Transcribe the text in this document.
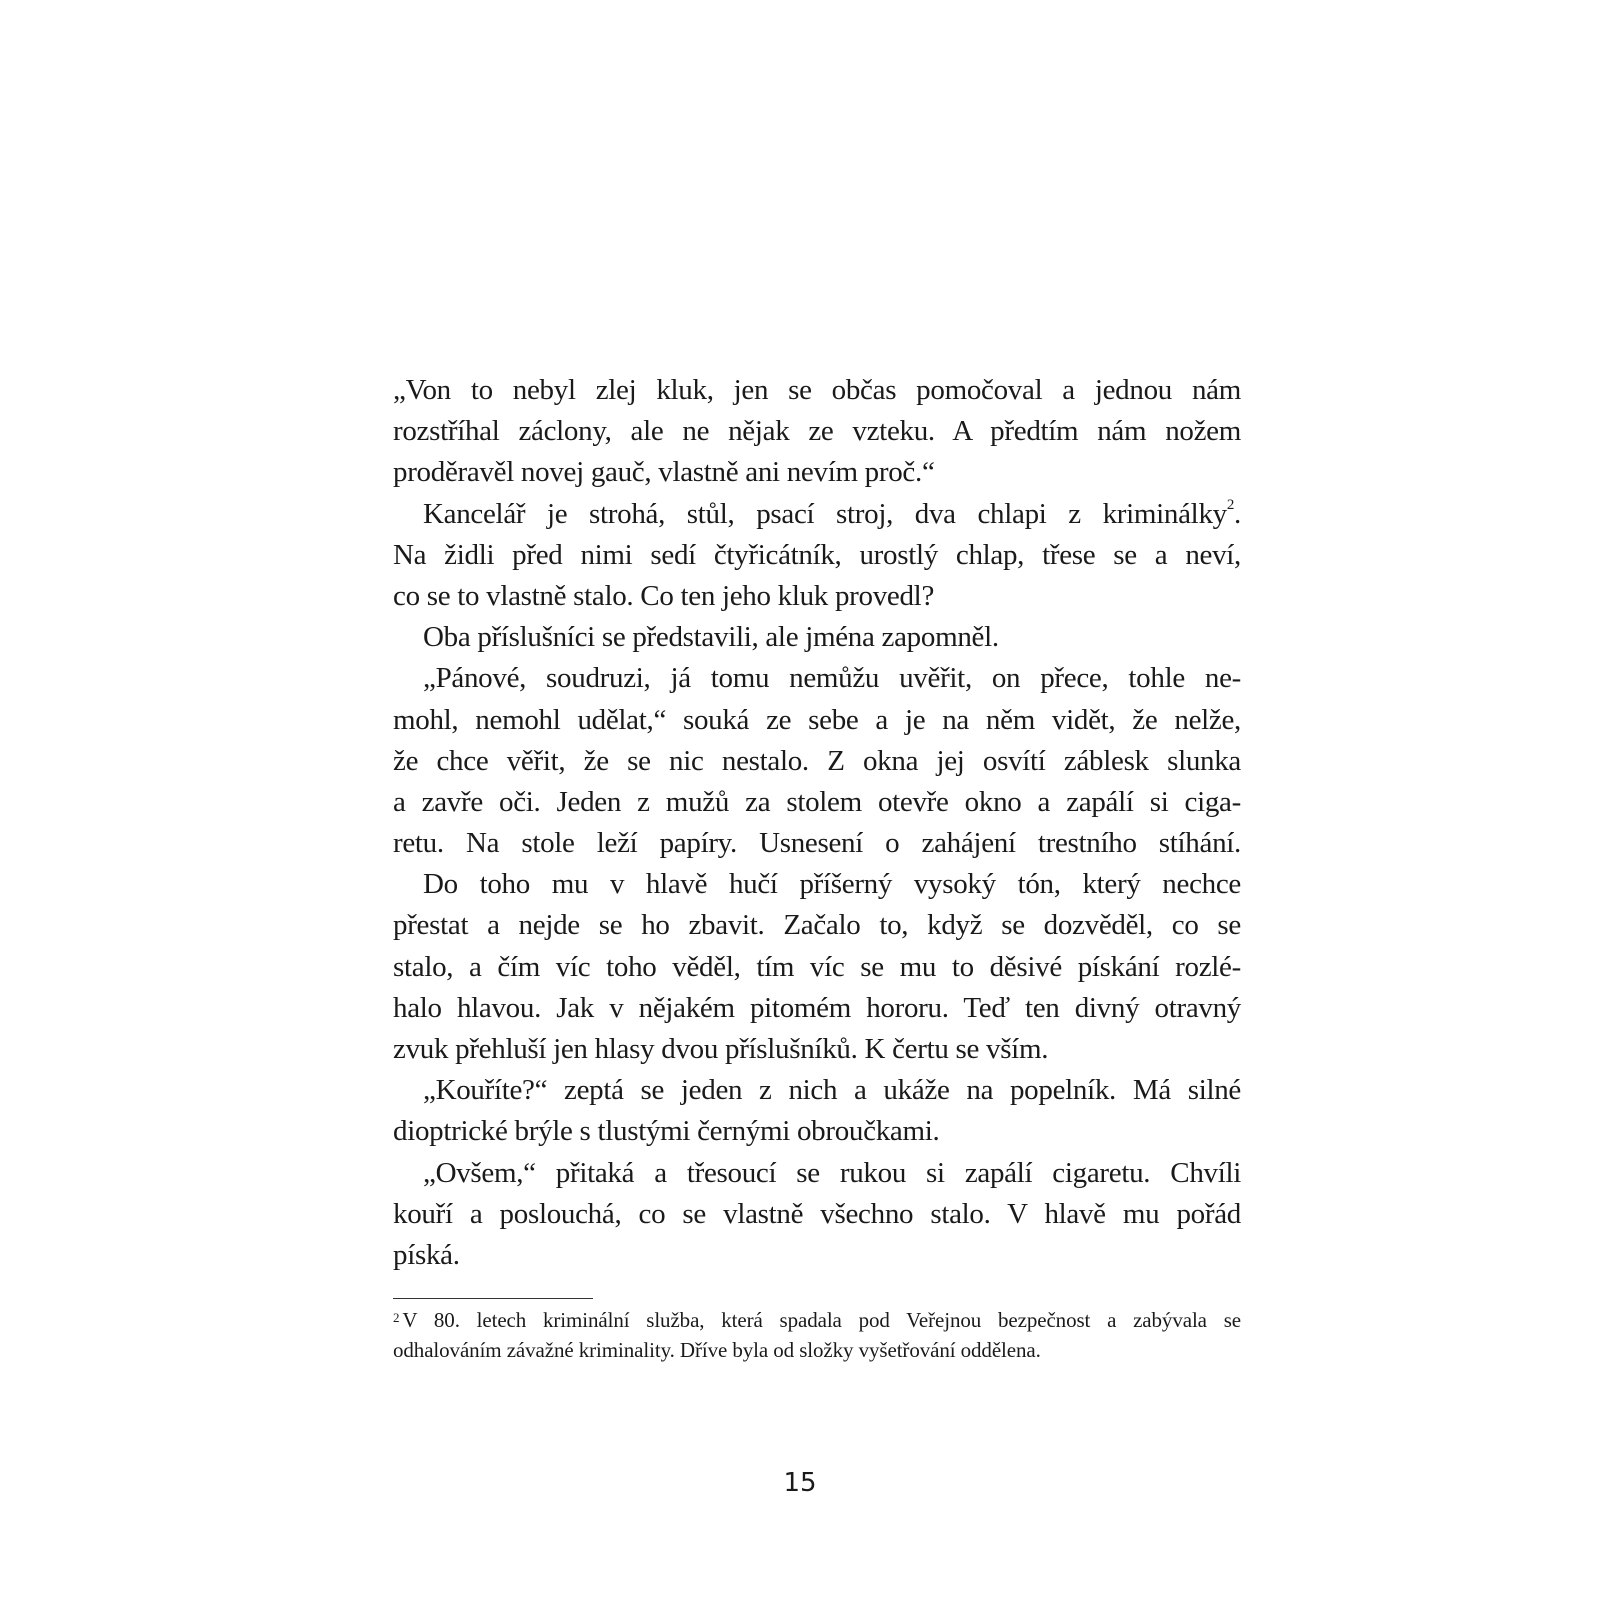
„Von to nebyl zlej kluk, jen se občas pomočoval a jednou nám
rozstříhal záclony, ale ne nějak ze vzteku. A předtím nám nožem
proděravěl novej gauč, vlastně ani nevím proč.“
Kancelář je strohá, stůl, psací stroj, dva chlapi z kriminálky$^2$.
Na židli před nimi sedí čtyřicátník, urostlý chlap, třese se a neví,
co se to vlastně stalo. Co ten jeho kluk provedl?
Oba příslušníci se představili, ale jména zapomněl.
„Pánové, soudruzi, já tomu nemůžu uvěřit, on přece, tohle ne-
mohl, nemohl udělat,“ souká ze sebe a je na něm vidět, že nelže,
že chce věřit, že se nic nestalo. Z okna jej osvítí záblesk slunka
a zavře oči. Jeden z mužů za stolem otevře okno a zapálí si ciga-
retu. Na stole leží papíry. Usnesení o zahájení trestního stíhání.
Do toho mu v hlavě hučí příšerný vysoký tón, který nechce
přestat a nejde se ho zbavit. Začalo to, když se dozvěděl, co se
stalo, a čím víc toho věděl, tím víc se mu to děsivé pískání rozlé-
halo hlavou. Jak v nějakém pitomém hororu. Teď ten divný otravný
zvuk přehluší jen hlasy dvou příslušníků. K čertu se vším.
„Kouříte?“ zeptá se jeden z nich a ukáže na popelník. Má silné
dioptrické brýle s tlustými černými obroučkami.
„Ovšem,“ přitaká a třesoucí se rukou si zapálí cigaretu. Chvíli
kouří a poslouchá, co se vlastně všechno stalo. V hlavě mu pořád
píská.
$^2$ V 80. letech kriminální služba, která spadala pod Veřejnou bezpečnost a zabývala se
odhalováním závažné kriminality. Dříve byla od složky vyšetřování oddělena.
15
